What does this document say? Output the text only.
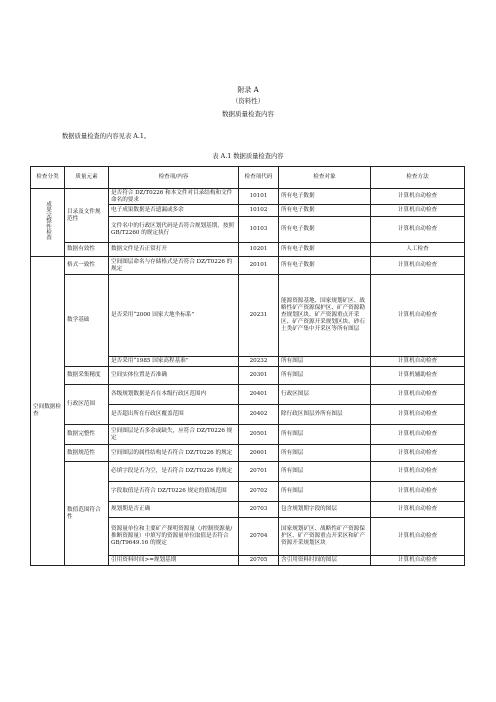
附录 A
（资料性）
数据质量检查内容
数据质量检查的内容见表 A.1。
表 A.1 数据质量检查内容
检查分类	质量元素	检查项/内容	检查项代码	检查对象	检查方法
成果完整性检查	目录及文件规范性	是否符合 DZ/T0226 和本文件对目录结构和文件命名的要求	10101	所有电子数据	计算机自动检查
		电子成果数据是否遗漏或多余	10102	所有电子数据	计算机自动检查
		文件名中的行政区划代码是否符合规划基期，按照 GB/T2260 的规定执行	10103	所有电子数据	计算机自动检查
	数据有效性	数据文件是否正常打开	10201	所有电子数据	人工检查
空间数据检查	格式一致性	空间图层命名与存储格式是否符合 DZ/T0226 的规定	20101	所有电子数据	计算机自动检查
	数学基础	是否采用“2000 国家大地坐标系”	20231	能源资源基地、国家规划矿区、战略性矿产资源保护区、矿产资源勘查规划区块、矿产资源重点开采区、矿产资源开采规划区块、砂石土类矿产集中开采区等所有图层	计算机自动检查
		是否采用“1985 国家高程基准”	20232	所有图层	计算机自动检查
	数据采集精度	空间实体位置是否准确	20301	所有图层	计算机辅助检查
	行政区范围	各级规划数据是否在本级行政区范围内	20401	行政区图层	计算机自动检查
		是否超出所在行政区覆盖范围	20402	除行政区图层外所有图层	计算机自动检查
	数据完整性	空间图层是否多余或缺失，应符合 DZ/T0226 规定	20501	所有图层	计算机自动检查
	数据规范性	空间图层的属性结构是否符合 DZ/T0226 的规定	20601	所有图层	计算机自动检查
	数值范围符合性	必填字段是否为空，是否符合 DZ/T0226 的规定	20701	所有图层	计算机自动检查
		字段取值是否符合 DZ/T0226 规定的值域范围	20702	所有图层	计算机自动检查
		规划期是否正确	20703	包含规划期字段的图层	计算机自动检查
		资源量单位和主要矿产探明资源量（/控制资源量/推断资源量）中填写的资源量单位取值是否符合 GB/T9649.16 的规定	20704	国家规划矿区、战略性矿产资源保护区、矿产资源重点开采区和矿产资源开采规划区块	计算机自动检查
		引用资料时间>=规划基期	20705	含引用资料时间的图层	计算机自动检查
